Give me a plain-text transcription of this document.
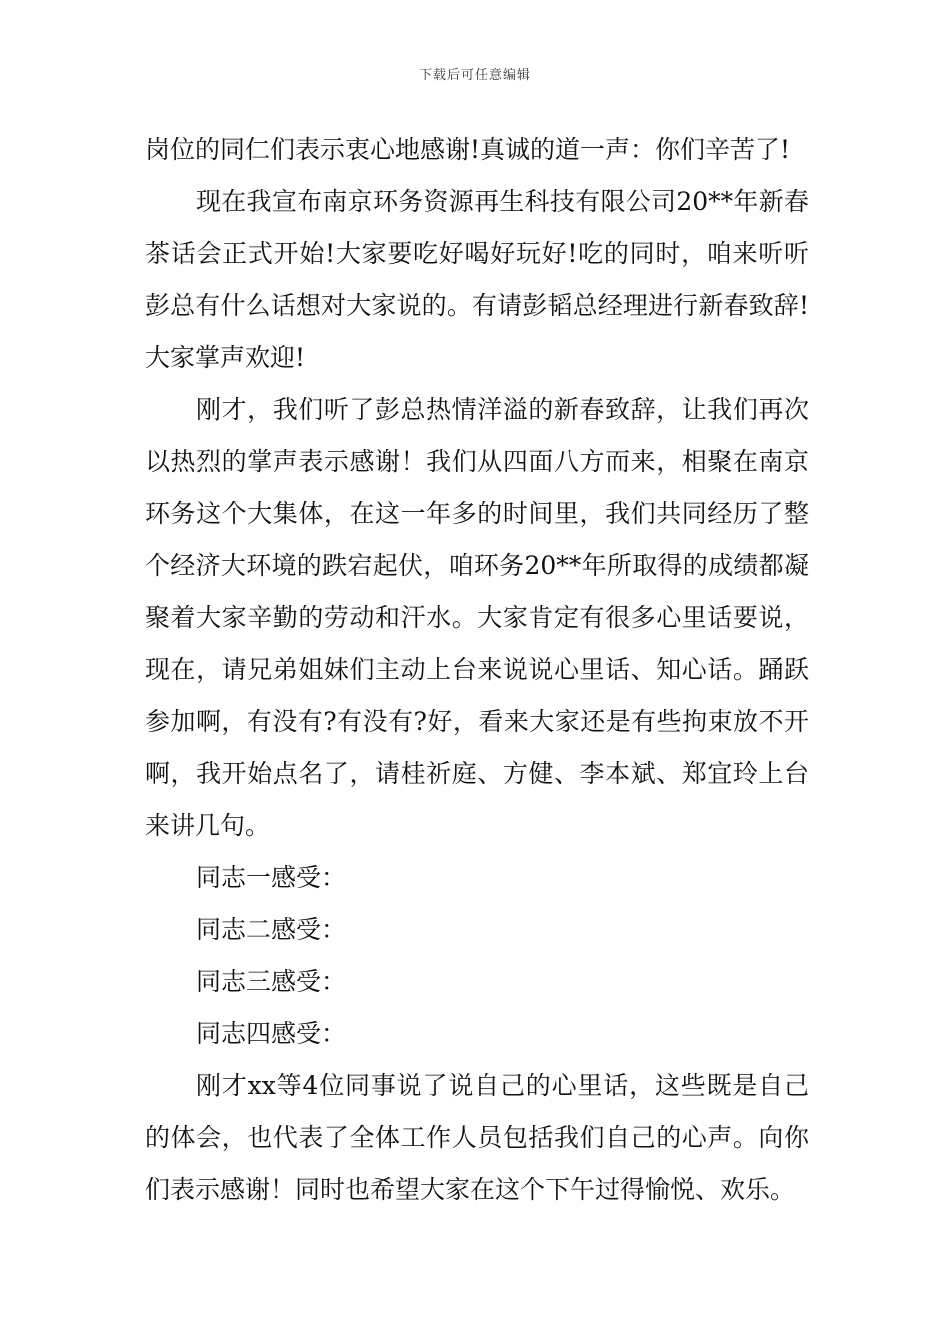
下载后可任意编辑

岗位的同仁们表示衷心地感谢!真诚的道一声：你们辛苦了!

现在我宣布南京环务资源再生科技有限公司20**年新春茶话会正式开始!大家要吃好喝好玩好!吃的同时，咱来听听彭总有什么话想对大家说的。有请彭韬总经理进行新春致辞!大家掌声欢迎!

刚才，我们听了彭总热情洋溢的新春致辞，让我们再次以热烈的掌声表示感谢！我们从四面八方而来，相聚在南京环务这个大集体，在这一年多的时间里，我们共同经历了整个经济大环境的跌宕起伏，咱环务20**年所取得的成绩都凝聚着大家辛勤的劳动和汗水。大家肯定有很多心里话要说，现在，请兄弟姐妹们主动上台来说说心里话、知心话。踊跃参加啊，有没有?有没有?好，看来大家还是有些拘束放不开啊，我开始点名了，请桂祈庭、方健、李本斌、郑宜玲上台来讲几句。

同志一感受：

同志二感受：

同志三感受：

同志四感受：

刚才xx等4位同事说了说自己的心里话，这些既是自己的体会，也代表了全体工作人员包括我们自己的心声。向你们表示感谢！同时也希望大家在这个下午过得愉悦、欢乐。
